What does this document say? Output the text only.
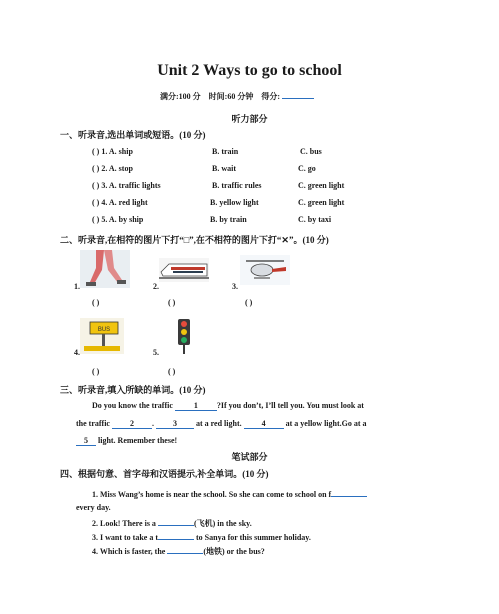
Unit 2 Ways to go to school
满分:100 分 时间:60 分钟 得分:
听力部分
一、听录音,选出单词或短语。(10 分)
( ) 1. A. ship	B. train	C. bus
( ) 2. A. stop	B. wait	C. go
( ) 3. A. traffic lights	B. traffic rules	C. green light
( ) 4. A. red light	B. yellow light	C. green light
( ) 5. A. by ship	B. by train	C. by taxi
二、听录音,在相符的图片下打“□”,在不相符的图片下打“✕”。(10 分)
1.	2.	3.
( )	( )	( )
BUS
4.	5.
( )	( )
三、听录音,填入所缺的单词。(10 分)
Do you know the traffic	1 ?If you don’t, I’ll tell you. You must look at
the traffic	2 . 3 at a red light.	4	at a yellow light.Go at a
5 light. Remember these!
笔试部分
四、根据句意、首字母和汉语提示,补全单词。(10 分)
1. Miss Wang’s home is near the school. So she can come to school on f
every day.
2. Look! There is a	(飞机) in the sky.
3. I want to take a t	to Sanya for this summer holiday.
4. Which is faster, the	(地铁) or the bus?
